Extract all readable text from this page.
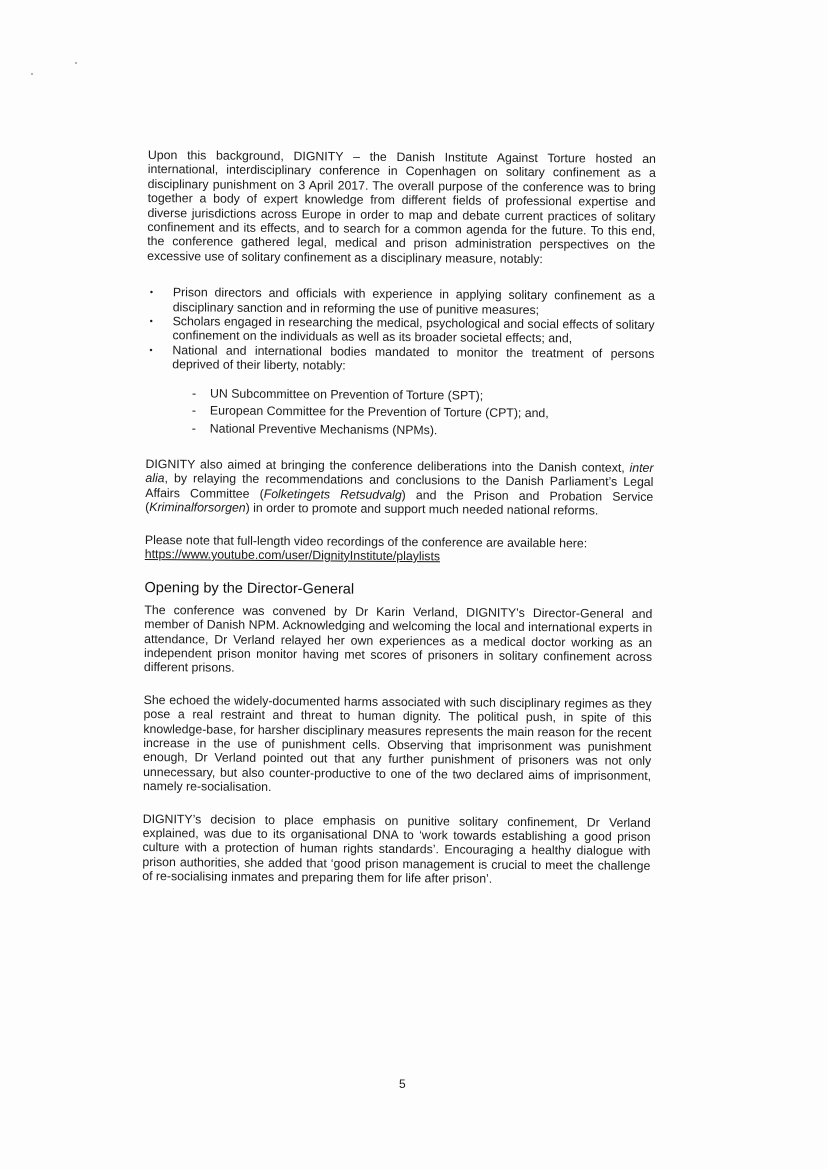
Upon this background, DIGNITY – the Danish Institute Against Torture hosted an international, interdisciplinary conference in Copenhagen on solitary confinement as a disciplinary punishment on 3 April 2017. The overall purpose of the conference was to bring together a body of expert knowledge from different fields of professional expertise and diverse jurisdictions across Europe in order to map and debate current practices of solitary confinement and its effects, and to search for a common agenda for the future. To this end, the conference gathered legal, medical and prison administration perspectives on the excessive use of solitary confinement as a disciplinary measure, notably:

• Prison directors and officials with experience in applying solitary confinement as a disciplinary sanction and in reforming the use of punitive measures;
• Scholars engaged in researching the medical, psychological and social effects of solitary confinement on the individuals as well as its broader societal effects; and,
• National and international bodies mandated to monitor the treatment of persons deprived of their liberty, notably:
- UN Subcommittee on Prevention of Torture (SPT);
- European Committee for the Prevention of Torture (CPT); and,
- National Preventive Mechanisms (NPMs).

DIGNITY also aimed at bringing the conference deliberations into the Danish context, inter alia, by relaying the recommendations and conclusions to the Danish Parliament’s Legal Affairs Committee (Folketingets Retsudvalg) and the Prison and Probation Service (Kriminalforsorgen) in order to promote and support much needed national reforms.

Please note that full-length video recordings of the conference are available here:
https://www.youtube.com/user/DignityInstitute/playlists

Opening by the Director-General

The conference was convened by Dr Karin Verland, DIGNITY’s Director-General and member of Danish NPM. Acknowledging and welcoming the local and international experts in attendance, Dr Verland relayed her own experiences as a medical doctor working as an independent prison monitor having met scores of prisoners in solitary confinement across different prisons.

She echoed the widely-documented harms associated with such disciplinary regimes as they pose a real restraint and threat to human dignity. The political push, in spite of this knowledge-base, for harsher disciplinary measures represents the main reason for the recent increase in the use of punishment cells. Observing that imprisonment was punishment enough, Dr Verland pointed out that any further punishment of prisoners was not only unnecessary, but also counter-productive to one of the two declared aims of imprisonment, namely re-socialisation.

DIGNITY’s decision to place emphasis on punitive solitary confinement, Dr Verland explained, was due to its organisational DNA to ‘work towards establishing a good prison culture with a protection of human rights standards’. Encouraging a healthy dialogue with prison authorities, she added that ‘good prison management is crucial to meet the challenge of re-socialising inmates and preparing them for life after prison’.

5
